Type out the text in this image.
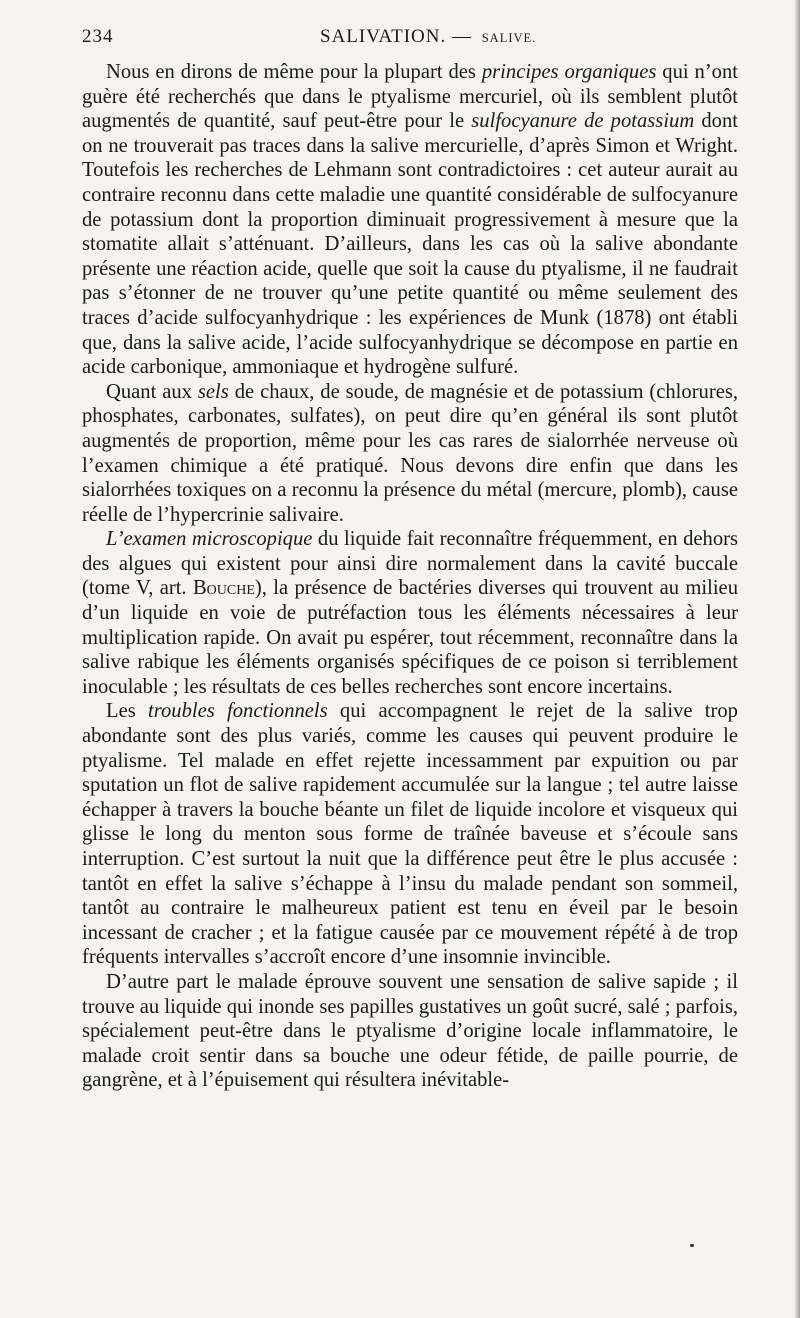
234	SALIVATION. — SALIVE.

Nous en dirons de même pour la plupart des principes organiques qui n’ont guère été recherchés que dans le ptyalisme mercuriel, où ils semblent plutôt augmentés de quantité, sauf peut-être pour le sulfocyanure de potassium dont on ne trouverait pas traces dans la salive mercurielle, d’après Simon et Wright. Toutefois les recherches de Lehmann sont contradictoires : cet auteur aurait au contraire reconnu dans cette maladie une quantité considérable de sulfocyanure de potassium dont la proportion diminuait progressivement à mesure que la stomatite allait s’atténuant. D’ailleurs, dans les cas où la salive abondante présente une réaction acide, quelle que soit la cause du ptyalisme, il ne faudrait pas s’étonner de ne trouver qu’une petite quantité ou même seulement des traces d’acide sulfocyanhydrique : les expériences de Munk (1878) ont établi que, dans la salive acide, l’acide sulfocyanhydrique se décompose en partie en acide carbonique, ammoniaque et hydrogène sulfuré.

Quant aux sels de chaux, de soude, de magnésie et de potassium (chlorures, phosphates, carbonates, sulfates), on peut dire qu’en général ils sont plutôt augmentés de proportion, même pour les cas rares de sialorrhée nerveuse où l’examen chimique a été pratiqué. Nous devons dire enfin que dans les sialorrhées toxiques on a reconnu la présence du métal (mercure, plomb), cause réelle de l’hypercrinie salivaire.

L’examen microscopique du liquide fait reconnaître fréquemment, en dehors des algues qui existent pour ainsi dire normalement dans la cavité buccale (tome V, art. Bouche), la présence de bactéries diverses qui trouvent au milieu d’un liquide en voie de putréfaction tous les éléments nécessaires à leur multiplication rapide. On avait pu espérer, tout récemment, reconnaître dans la salive rabique les éléments organisés spécifiques de ce poison si terriblement inoculable ; les résultats de ces belles recherches sont encore incertains.

Les troubles fonctionnels qui accompagnent le rejet de la salive trop abondante sont des plus variés, comme les causes qui peuvent produire le ptyalisme. Tel malade en effet rejette incessamment par expuition ou par sputation un flot de salive rapidement accumulée sur la langue ; tel autre laisse échapper à travers la bouche béante un filet de liquide incolore et visqueux qui glisse le long du menton sous forme de traînée baveuse et s’écoule sans interruption. C’est surtout la nuit que la différence peut être le plus accusée : tantôt en effet la salive s’échappe à l’insu du malade pendant son sommeil, tantôt au contraire le malheureux patient est tenu en éveil par le besoin incessant de cracher ; et la fatigue causée par ce mouvement répété à de trop fréquents intervalles s’accroît encore d’une insomnie invincible.

D’autre part le malade éprouve souvent une sensation de salive sapide ; il trouve au liquide qui inonde ses papilles gustatives un goût sucré, salé ; parfois, spécialement peut-être dans le ptyalisme d’origine locale inflammatoire, le malade croit sentir dans sa bouche une odeur fétide, de paille pourrie, de gangrène, et à l’épuisement qui résultera inévitable-
